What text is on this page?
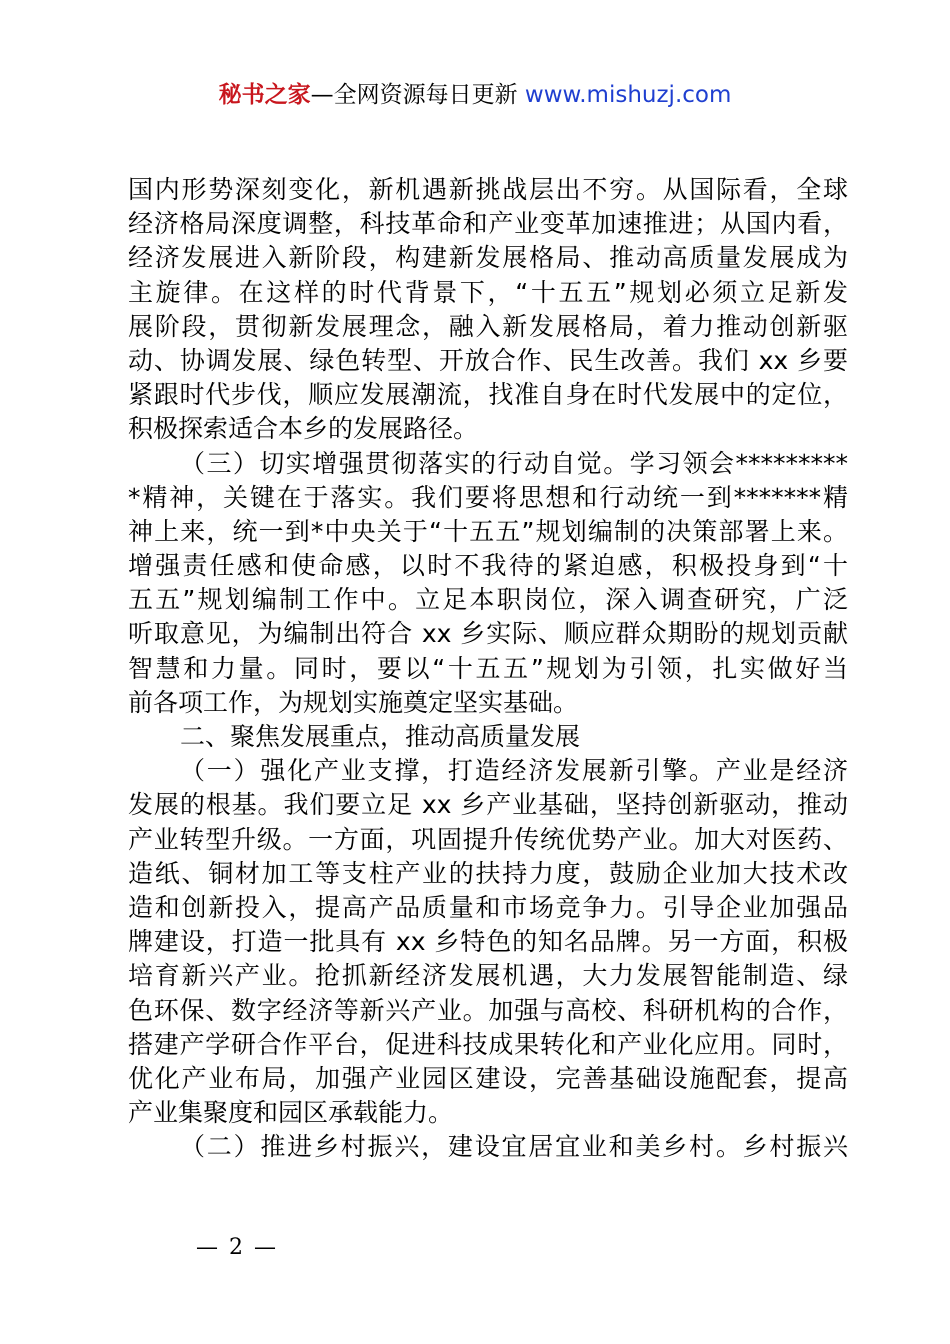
秘书之家—全网资源每日更新 www.mishuzj.com
国内形势深刻变化，新机遇新挑战层出不穷。从国际看，全球
经济格局深度调整，科技革命和产业变革加速推进；从国内看，
经济发展进入新阶段，构建新发展格局、推动高质量发展成为
主旋律。在这样的时代背景下，“十五五”规划必须立足新发
展阶段，贯彻新发展理念，融入新发展格局，着力推动创新驱
动、协调发展、绿色转型、开放合作、民生改善。我们 xx 乡要
紧跟时代步伐，顺应发展潮流，找准自身在时代发展中的定位，
积极探索适合本乡的发展路径。
（三）切实增强贯彻落实的行动自觉。学习领会*********
*精神，关键在于落实。我们要将思想和行动统一到*******精
神上来，统一到*中央关于“十五五”规划编制的决策部署上来。
增强责任感和使命感，以时不我待的紧迫感，积极投身到“十
五五”规划编制工作中。立足本职岗位，深入调查研究，广泛
听取意见，为编制出符合 xx 乡实际、顺应群众期盼的规划贡献
智慧和力量。同时，要以“十五五”规划为引领，扎实做好当
前各项工作，为规划实施奠定坚实基础。
二、聚焦发展重点，推动高质量发展
（一）强化产业支撑，打造经济发展新引擎。产业是经济
发展的根基。我们要立足 xx 乡产业基础，坚持创新驱动，推动
产业转型升级。一方面，巩固提升传统优势产业。加大对医药、
造纸、铜材加工等支柱产业的扶持力度，鼓励企业加大技术改
造和创新投入，提高产品质量和市场竞争力。引导企业加强品
牌建设，打造一批具有 xx 乡特色的知名品牌。另一方面，积极
培育新兴产业。抢抓新经济发展机遇，大力发展智能制造、绿
色环保、数字经济等新兴产业。加强与高校、科研机构的合作，
搭建产学研合作平台，促进科技成果转化和产业化应用。同时，
优化产业布局，加强产业园区建设，完善基础设施配套，提高
产业集聚度和园区承载能力。
（二）推进乡村振兴，建设宜居宜业和美乡村。乡村振兴
— 2 —
